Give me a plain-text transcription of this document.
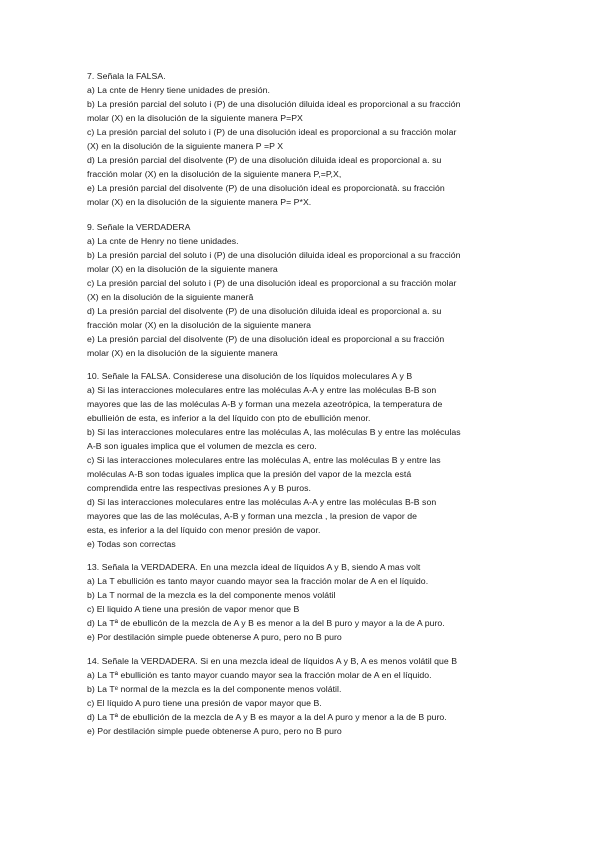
7. Señala la FALSA.
a) La cnte de Henry tiene unidades de presión.
b) La presión parcial del soluto i (P) de una disolución diluida ideal es proporcional a su fracción
molar (X) en la disolución de la siguiente manera P=PX
c) La presión parcial del soluto i (P) de una disolución ideal es proporcional a su fracción molar
(X) en la disolución de la siguiente manera P =P X
d) La presión parcial del disolvente (P) de una disolución diluida ideal es proporcional a. su
fracción molar (X) en la disolución de la siguiente manera P,=P,X,
e) La presión parcial del disolvente (P) de una disolución ideal es proporcionatà. su fracción
molar (X) en la disolución de la siguiente manera P= P*X.
9. Señale la VERDADERA
a) La cnte de Henry no tiene unidades.
b) La presión parcial del soluto i (P) de una disolución diluida ideal es proporcional a su fracción
molar (X) en la disolución de la siguiente manera
c) La presión parcial del soluto i (P) de una disolución ideal es proporcional a su fracción molar
(X) en la disolución de la siguiente manerâ
d) La presión parcial del disolvente (P) de una disolución diluida ideal es proporcional a. su
fracción molar (X) en la disolución de la siguiente manera
e) La presión parcial del disolvente (P) de una disolución ideal es proporcional a su fracción
molar (X) en la disolución de la siguiente manera
10. Señale la FALSA. Considerese una disolución de los líquidos moleculares A y B
a) Si las interacciones moleculares entre las moléculas A-A y entre las moléculas B-B son
mayores que las de las moléculas A-B y forman una mezela azeotrópica, la temperatura de
ebullieión de esta, es inferior a la del líquido con pto de ebullición menor.
b) Si las interacciones moleculares entre las moléculas A, las moléculas B y entre las moléculas
A-B son iguales implica que el volumen de mezcla es cero.
c) Si las interacciones moleculares entre las moléculas A, entre las moléculas B y entre las
moléculas A-B son todas iguales implica que la presión del vapor de la mezcla está
comprendida entre las respectivas presiones A y B puros.
d) Si las interacciones moleculares entre las moléculas A-A y entre las moléculas B-B son
mayores que las de las moléculas, A-B y forman una mezcla , la presion de vapor de
esta, es inferior a la del líquido con menor presión de vapor.
e) Todas son correctas
13. Señala la VERDADERA. En una mezcla ideal de líquidos A y B, siendo A mas volt
a) La T ebullición es tanto mayor cuando mayor sea la fracción molar de A en el líquido.
b) La T normal de la mezcla es la del componente menos volátil
c) El liquido A tiene una presión de vapor menor que B
d) La Tª de ebullicón de la mezcla de A y B es menor a la del B puro y mayor a la de A puro.
e) Por destilación simple puede obtenerse A puro, pero no B puro
14. Señale la VERDADERA. Si en una mezcla ideal de líquidos A y B, A es menos volátil que B
a) La Tª ebullición es tanto mayor cuando mayor sea la fracción molar de A en el líquido.
b) La Tᵉ normal de la mezcla es la del componente menos volátil.
c) El líquido A puro tiene una presión de vapor mayor que B.
d) La Tª de ebullición de la mezcla de A y B es mayor a la del A puro y menor a la de B puro.
e) Por destilación simple puede obtenerse A puro, pero no B puro
